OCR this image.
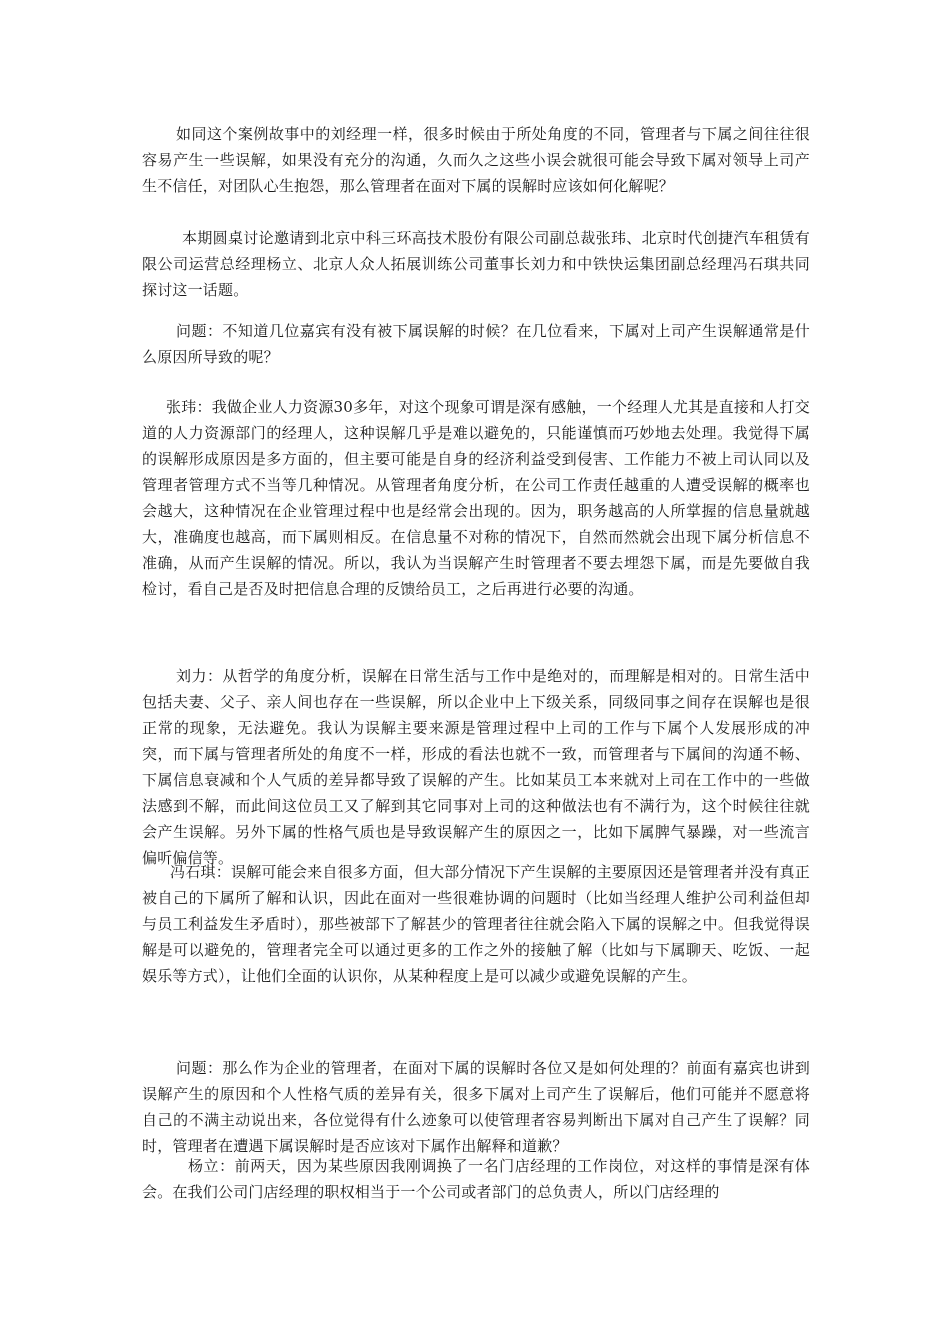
如同这个案例故事中的刘经理一样，很多时候由于所处角度的不同，管理者与下属之间往往很容易产生一些误解，如果没有充分的沟通，久而久之这些小误会就很可能会导致下属对领导上司产生不信任，对团队心生抱怨，那么管理者在面对下属的误解时应该如何化解呢？

本期圆桌讨论邀请到北京中科三环高技术股份有限公司副总裁张玮、北京时代创捷汽车租赁有限公司运营总经理杨立、北京人众人拓展训练公司董事长刘力和中铁快运集团副总经理冯石琪共同探讨这一话题。

问题：不知道几位嘉宾有没有被下属误解的时候？在几位看来，下属对上司产生误解通常是什么原因所导致的呢？

张玮：我做企业人力资源30多年，对这个现象可谓是深有感触，一个经理人尤其是直接和人打交道的人力资源部门的经理人，这种误解几乎是难以避免的，只能谨慎而巧妙地去处理。我觉得下属的误解形成原因是多方面的，但主要可能是自身的经济利益受到侵害、工作能力不被上司认同以及管理者管理方式不当等几种情况。从管理者角度分析，在公司工作责任越重的人遭受误解的概率也会越大，这种情况在企业管理过程中也是经常会出现的。因为，职务越高的人所掌握的信息量就越大，准确度也越高，而下属则相反。在信息量不对称的情况下，自然而然就会出现下属分析信息不准确，从而产生误解的情况。所以，我认为当误解产生时管理者不要去埋怨下属，而是先要做自我检讨，看自己是否及时把信息合理的反馈给员工，之后再进行必要的沟通。

刘力：从哲学的角度分析，误解在日常生活与工作中是绝对的，而理解是相对的。日常生活中包括夫妻、父子、亲人间也存在一些误解，所以企业中上下级关系，同级同事之间存在误解也是很正常的现象，无法避免。我认为误解主要来源是管理过程中上司的工作与下属个人发展形成的冲突，而下属与管理者所处的角度不一样，形成的看法也就不一致，而管理者与下属间的沟通不畅、下属信息衰减和个人气质的差异都导致了误解的产生。比如某员工本来就对上司在工作中的一些做法感到不解，而此间这位员工又了解到其它同事对上司的这种做法也有不满行为，这个时候往往就会产生误解。另外下属的性格气质也是导致误解产生的原因之一，比如下属脾气暴躁，对一些流言偏听偏信等。

冯石琪：误解可能会来自很多方面，但大部分情况下产生误解的主要原因还是管理者并没有真正被自己的下属所了解和认识，因此在面对一些很难协调的问题时（比如当经理人维护公司利益但却与员工利益发生矛盾时），那些被部下了解甚少的管理者往往就会陷入下属的误解之中。但我觉得误解是可以避免的，管理者完全可以通过更多的工作之外的接触了解（比如与下属聊天、吃饭、一起娱乐等方式），让他们全面的认识你，从某种程度上是可以减少或避免误解的产生。

问题：那么作为企业的管理者，在面对下属的误解时各位又是如何处理的？前面有嘉宾也讲到误解产生的原因和个人性格气质的差异有关，很多下属对上司产生了误解后，他们可能并不愿意将自己的不满主动说出来，各位觉得有什么迹象可以使管理者容易判断出下属对自己产生了误解？同时，管理者在遭遇下属误解时是否应该对下属作出解释和道歉？

杨立：前两天，因为某些原因我刚调换了一名门店经理的工作岗位，对这样的事情是深有体会。在我们公司门店经理的职权相当于一个公司或者部门的总负责人，所以门店经理的
